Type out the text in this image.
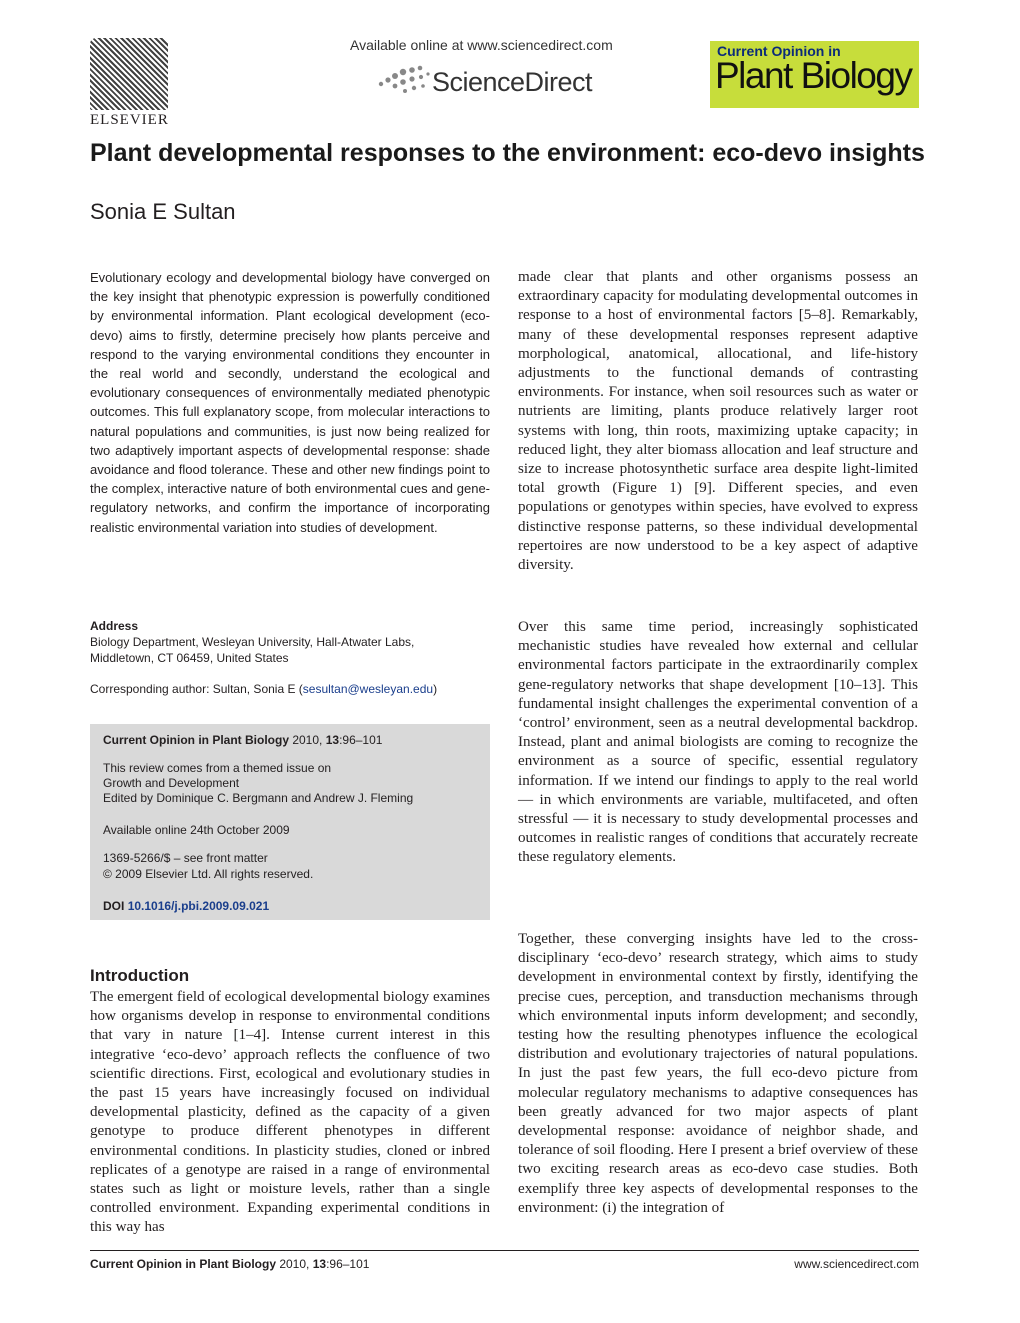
ELSEVIER
Available online at www.sciencedirect.com
ScienceDirect
Current Opinion in
Plant Biology
Plant developmental responses to the environment: eco-devo insights
Sonia E Sultan
Evolutionary ecology and developmental biology have converged on the key insight that phenotypic expression is powerfully conditioned by environmental information. Plant ecological development (eco-devo) aims to firstly, determine precisely how plants perceive and respond to the varying environmental conditions they encounter in the real world and secondly, understand the ecological and evolutionary consequences of environmentally mediated phenotypic outcomes. This full explanatory scope, from molecular interactions to natural populations and communities, is just now being realized for two adaptively important aspects of developmental response: shade avoidance and flood tolerance. These and other new findings point to the complex, interactive nature of both environmental cues and gene-regulatory networks, and confirm the importance of incorporating realistic environmental variation into studies of development.
Address
Biology Department, Wesleyan University, Hall-Atwater Labs,
Middletown, CT 06459, United States
Corresponding author: Sultan, Sonia E (sesultan@wesleyan.edu)
Current Opinion in Plant Biology 2010, 13:96–101
This review comes from a themed issue on
Growth and Development
Edited by Dominique C. Bergmann and Andrew J. Fleming
Available online 24th October 2009
1369-5266/$ – see front matter
© 2009 Elsevier Ltd. All rights reserved.
DOI 10.1016/j.pbi.2009.09.021
Introduction
The emergent field of ecological developmental biology examines how organisms develop in response to environmental conditions that vary in nature [1–4]. Intense current interest in this integrative ‘eco-devo’ approach reflects the confluence of two scientific directions. First, ecological and evolutionary studies in the past 15 years have increasingly focused on individual developmental plasticity, defined as the capacity of a given genotype to produce different phenotypes in different environmental conditions. In plasticity studies, cloned or inbred replicates of a genotype are raised in a range of environmental states such as light or moisture levels, rather than a single controlled environment. Expanding experimental conditions in this way has
made clear that plants and other organisms possess an extraordinary capacity for modulating developmental outcomes in response to a host of environmental factors [5–8]. Remarkably, many of these developmental responses represent adaptive morphological, anatomical, allocational, and life-history adjustments to the functional demands of contrasting environments. For instance, when soil resources such as water or nutrients are limiting, plants produce relatively larger root systems with long, thin roots, maximizing uptake capacity; in reduced light, they alter biomass allocation and leaf structure and size to increase photosynthetic surface area despite light-limited total growth (Figure 1) [9]. Different species, and even populations or genotypes within species, have evolved to express distinctive response patterns, so these individual developmental repertoires are now understood to be a key aspect of adaptive diversity.
Over this same time period, increasingly sophisticated mechanistic studies have revealed how external and cellular environmental factors participate in the extraordinarily complex gene-regulatory networks that shape development [10–13]. This fundamental insight challenges the experimental convention of a ‘control’ environment, seen as a neutral developmental backdrop. Instead, plant and animal biologists are coming to recognize the environment as a source of specific, essential regulatory information. If we intend our findings to apply to the real world — in which environments are variable, multifaceted, and often stressful — it is necessary to study developmental processes and outcomes in realistic ranges of conditions that accurately recreate these regulatory elements.
Together, these converging insights have led to the cross-disciplinary ‘eco-devo’ research strategy, which aims to study development in environmental context by firstly, identifying the precise cues, perception, and transduction mechanisms through which environmental inputs inform development; and secondly, testing how the resulting phenotypes influence the ecological distribution and evolutionary trajectories of natural populations. In just the past few years, the full eco-devo picture from molecular regulatory mechanisms to adaptive consequences has been greatly advanced for two major aspects of plant developmental response: avoidance of neighbor shade, and tolerance of soil flooding. Here I present a brief overview of these two exciting research areas as eco-devo case studies. Both exemplify three key aspects of developmental responses to the environment: (i) the integration of
Current Opinion in Plant Biology 2010, 13:96–101	www.sciencedirect.com
